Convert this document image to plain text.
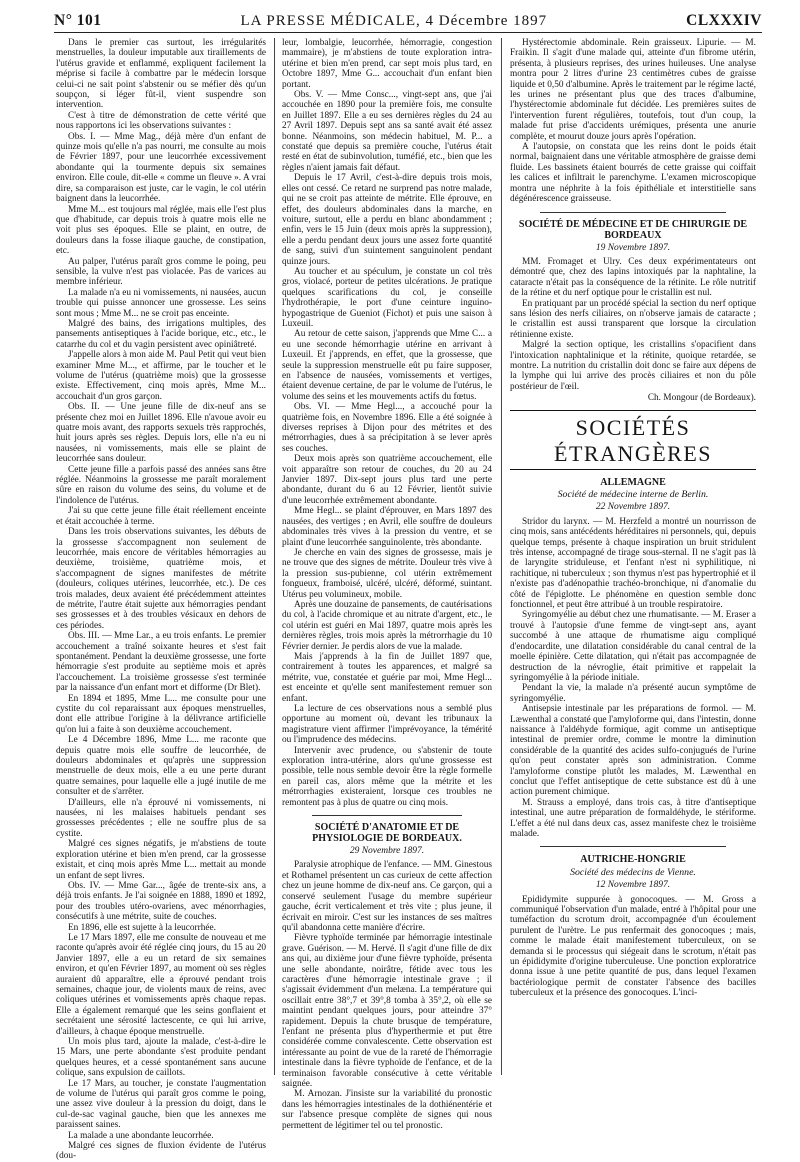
N° 101	LA PRESSE MÉDICALE, 4 Décembre 1897	CLXXXIV

Dans le premier cas surtout, les irrégularités menstruelles, la douleur imputable aux tiraillements de l'utérus gravide et enflammé, expliquent facilement la méprise si facile à combattre par le médecin lorsque celui-ci ne sait point s'abstenir ou se méfier dès qu'un soupçon, si léger fût-il, vient suspendre son intervention.

C'est à titre de démonstration de cette vérité que nous rapportons ici les observations suivantes :

Obs. I. — Mme Mag., déjà mère d'un enfant de quinze mois qu'elle n'a pas nourri, me consulte au mois de Février 1897, pour une leucorrhée excessivement abondante qui la tourmente depuis six semaines environ. Elle coule, dit-elle « comme un fleuve ». A vrai dire, sa comparaison est juste, car le vagin, le col utérin baignent dans la leucorrhée.

Mme M... est toujours mal réglée, mais elle l'est plus que d'habitude, car depuis trois à quatre mois elle ne voit plus ses époques. Elle se plaint, en outre, de douleurs dans la fosse iliaque gauche, de constipation, etc.

Au palper, l'utérus paraît gros comme le poing, peu sensible, la vulve n'est pas violacée. Pas de varices au membre inférieur.

La malade n'a eu ni vomissements, ni nausées, aucun trouble qui puisse annoncer une grossesse. Les seins sont mous ; Mme M... ne se croit pas enceinte.

Malgré des bains, des irrigations multiples, des pansements antiseptiques à l'acide borique, etc., etc., le catarrhe du col et du vagin persistent avec opiniâtreté.

J'appelle alors à mon aide M. Paul Petit qui veut bien examiner Mme M..., et affirme, par le toucher et le volume de l'utérus (quatrième mois) que la grossesse existe. Effectivement, cinq mois après, Mme M... accouchait d'un gros garçon.

Obs. II. — Une jeune fille de dix-neuf ans se présente chez moi en Juillet 1896. Elle n'avoue avoir eu quatre mois avant, des rapports sexuels très rapprochés, huit jours après ses règles. Depuis lors, elle n'a eu ni nausées, ni vomissements, mais elle se plaint de leucorrhée sans douleur.

Cette jeune fille a parfois passé des années sans être réglée. Néanmoins la grossesse me paraît moralement sûre en raison du volume des seins, du volume et de l'indolence de l'utérus.

J'ai su que cette jeune fille était réellement enceinte et était accouchée à terme.

Dans les trois observations suivantes, les débuts de la grossesse s'accompagnent non seulement de leucorrhée, mais encore de véritables hémorragies au deuxième, troisième, quatrième mois, et s'accompagnent de signes manifestes de métrite (douleurs, coliques utérines, leucorrhée, etc.). De ces trois malades, deux avaient été précédemment atteintes de métrite, l'autre était sujette aux hémorragies pendant ses grossesses et à des troubles vésicaux en dehors de ces périodes.

Obs. III. — Mme Lar., a eu trois enfants. Le premier accouchement a traîné soixante heures et s'est fait spontanément. Pendant la deuxième grossesse, une forte hémorragie s'est produite au septième mois et après l'accouchement. La troisième grossesse s'est terminée par la naissance d'un enfant mort et difforme (Dr Blet).

En 1894 et 1895, Mme L... me consulte pour une cystite du col reparaissant aux époques menstruelles, dont elle attribue l'origine à la délivrance artificielle qu'on lui a faite à son deuxième accouchement.

Le 4 Décembre 1896, Mme L... me raconte que depuis quatre mois elle souffre de leucorrhée, de douleurs abdominales et qu'après une suppression menstruelle de deux mois, elle a eu une perte durant quatre semaines, pour laquelle elle a jugé inutile de me consulter et de s'arrêter.

D'ailleurs, elle n'a éprouvé ni vomissements, ni nausées, ni les malaises habituels pendant ses grossesses précédentes ; elle ne souffre plus de sa cystite.

Malgré ces signes négatifs, je m'abstiens de toute exploration utérine et bien m'en prend, car la grossesse existait, et cinq mois après Mme L... mettait au monde un enfant de sept livres.

Obs. IV. — Mme Gar..., âgée de trente-six ans, a déjà trois enfants. Je l'ai soignée en 1888, 1890 et 1892, pour des troubles utéro-ovariens, avec ménorrhagies, consécutifs à une métrite, suite de couches.

En 1896, elle est sujette à la leucorrhée.

Le 17 Mars 1897, elle me consulte de nouveau et me raconte qu'après avoir été réglée cinq jours, du 15 au 20 Janvier 1897, elle a eu un retard de six semaines environ, et qu'en Février 1897, au moment où ses règles auraient dû apparaître, elle a éprouvé pendant trois semaines, chaque jour, de violents maux de reins, avec coliques utérines et vomissements après chaque repas. Elle a également remarqué que les seins gonflaient et secrétaient une sérosité lactescente, ce qui lui arrive, d'ailleurs, à chaque époque menstruelle.

Un mois plus tard, ajoute la malade, c'est-à-dire le 15 Mars, une perte abondante s'est produite pendant quelques heures, et a cessé spontanément sans aucune colique, sans expulsion de caillots.

Le 17 Mars, au toucher, je constate l'augmentation de volume de l'utérus qui paraît gros comme le poing, une assez vive douleur à la pression du doigt, dans le cul-de-sac vaginal gauche, bien que les annexes me paraissent saines.

La malade a une abondante leucorrhée.

Malgré ces signes de fluxion évidente de l'utérus (dou-

leur, lombalgie, leucorrhée, hémorragie, congestion mammaire), je m'abstiens de toute exploration intra-utérine et bien m'en prend, car sept mois plus tard, en Octobre 1897, Mme G... accouchait d'un enfant bien portant.

Obs. V. — Mme Consc..., vingt-sept ans, que j'ai accouchée en 1890 pour la première fois, me consulte en Juillet 1897. Elle a eu ses dernières règles du 24 au 27 Avril 1897. Depuis sept ans sa santé avait été assez bonne. Néanmoins, son médecin habituel, M. P... a constaté que depuis sa première couche, l'utérus était resté en état de subinvolution, tuméfié, etc., bien que les règles n'aient jamais fait défaut.

Depuis le 17 Avril, c'est-à-dire depuis trois mois, elles ont cessé. Ce retard ne surprend pas notre malade, qui ne se croit pas atteinte de métrite. Elle éprouve, en effet, des douleurs abdominales dans la marche, en voiture, surtout, elle a perdu en blanc abondamment ; enfin, vers le 15 Juin (deux mois après la suppression), elle a perdu pendant deux jours une assez forte quantité de sang, suivi d'un suintement sanguinolent pendant quinze jours.

Au toucher et au spéculum, je constate un col très gros, violacé, porteur de petites ulcérations. Je pratique quelques scarifications du col, je conseille l'hydrothérapie, le port d'une ceinture inguino-hypogastrique de Gueniot (Fichot) et puis une saison à Luxeuil.

Au retour de cette saison, j'apprends que Mme C... a eu une seconde hémorrhagie utérine en arrivant à Luxeuil. Et j'apprends, en effet, que la grossesse, que seule la suppression menstruelle eût pu faire supposer, en l'absence de nausées, vomissements et vertiges, étaient devenue certaine, de par le volume de l'utérus, le volume des seins et les mouvements actifs du fœtus.

Obs. VI. — Mme Hegl..., a accouché pour la quatrième fois, en Novembre 1896. Elle a été soignée à diverses reprises à Dijon pour des métrites et des métrorrhagies, dues à sa précipitation à se lever après ses couches.

Deux mois après son quatrième accouchement, elle voit apparaître son retour de couches, du 20 au 24 Janvier 1897. Dix-sept jours plus tard une perte abondante, durant du 6 au 12 Février, lientôt suivie d'une leucorrhée extrêmement abondante.

Mme Hegl... se plaint d'éprouver, en Mars 1897 des nausées, des vertiges ; en Avril, elle souffre de douleurs abdominales très vives à la pression du ventre, et se plaint d'une leucorrhée sanguinolente, très abondante.

Je cherche en vain des signes de grossesse, mais je ne trouve que des signes de métrite. Douleur très vive à la pression sus-pubienne, col utérin extrêmement fongueux, framboisé, ulcéré, ulcéré, déformé, suintant. Utérus peu volumineux, mobile.

Après une douzaine de pansements, de cautérisations du col, à l'acide chromique et au nitrate d'argent, etc., le col utérin est guéri en Mai 1897, quatre mois après les dernières règles, trois mois après la métrorrhagie du 10 Février dernier. Je perdis alors de vue la malade.

Mais j'apprends à la fin de Juillet 1897 que, contrairement à toutes les apparences, et malgré sa métrite, vue, constatée et guérie par moi, Mme Hegl... est enceinte et qu'elle sent manifestement remuer son enfant.

La lecture de ces observations nous a semblé plus opportune au moment où, devant les tribunaux la magistrature vient affirmer l'imprévoyance, la témérité ou l'imprudence des médecins.

Intervenir avec prudence, ou s'abstenir de toute exploration intra-utérine, alors qu'une grossesse est possible, telle nous semble devoir être la règle formelle en pareil cas, alors même que la métrite et les métrorrhagies existeraient, lorsque ces troubles ne remontent pas à plus de quatre ou cinq mois.

SOCIÉTÉ D'ANATOMIE ET DE PHYSIOLOGIE DE BORDEAUX.

29 Novembre 1897.

Paralysie atrophique de l'enfance. — MM. Ginestous et Rothamel présentent un cas curieux de cette affection chez un jeune homme de dix-neuf ans. Ce garçon, qui a conservé seulement l'usage du membre supérieur gauche, écrit verticalement et très vite ; plus jeune, il écrivait en miroir. C'est sur les instances de ses maîtres qu'il abandonna cette manière d'écrire.

Fièvre typhoïde terminée par hémorragie intestinale grave. Guérison. — M. Hervé. Il s'agit d'une fille de dix ans qui, au dixième jour d'une fièvre typhoïde, présenta une selle abondante, noirâtre, fétide avec tous les caractères d'une hémorragie intestinale grave ; il s'agissait évidemment d'un melæna. La température qui oscillait entre 38°,7 et 39°,8 tomba à 35°,2, où elle se maintint pendant quelques jours, pour atteindre 37° rapidement. Depuis la chute brusque de température, l'enfant ne présenta plus d'hyperthermie et put être considérée comme convalescente. Cette observation est intéressante au point de vue de la rareté de l'hémorragie intestinale dans la fièvre typhoïde de l'enfance, et de la terminaison favorable consécutive à cette véritable saignée.

M. Arnozan. J'insiste sur la variabilité du pronostic dans les hémorragies intestinales de la dothiénentérie et sur l'absence presque complète de signes qui nous permettent de légitimer tel ou tel pronostic.

Hystérectomie abdominale. Rein graisseux. Lipurie. — M. Fraikin. Il s'agit d'une malade qui, atteinte d'un fibrome utérin, présenta, à plusieurs reprises, des urines huileuses. Une analyse montra pour 2 litres d'urine 23 centimètres cubes de graisse liquide et 0,50 d'albumine. Après le traitement par le régime lacté, les urines ne présentant plus que des traces d'albumine, l'hystérectomie abdominale fut décidée. Les premières suites de l'intervention furent régulières, toutefois, tout d'un coup, la malade fut prise d'accidents urémiques, présenta une anurie complète, et mourut douze jours après l'opération.

A l'autopsie, on constata que les reins dont le poids était normal, baignaient dans une véritable atmosphère de graisse demi fluide. Les bassinets étaient bourrés de cette graisse qui coiffait les calices et infiltrait le parenchyme. L'examen microscopique montra une néphrite à la fois épithéliale et interstitielle sans dégénérescence graisseuse.

SOCIÉTÉ DE MÉDECINE ET DE CHIRURGIE DE BORDEAUX

19 Novembre 1897.

MM. Fromaget et Ulry. Ces deux expérimentateurs ont démontré que, chez des lapins intoxiqués par la naphtaline, la cataracte n'était pas la conséquence de la rétinite. Le rôle nutritif de la rétine et du nerf optique pour le cristallin est nul.

En pratiquant par un procédé spécial la section du nerf optique sans lésion des nerfs ciliaires, on n'observe jamais de cataracte ; le cristallin est aussi transparent que lorsque la circulation rétinienne existe.

Malgré la section optique, les cristallins s'opacifient dans l'intoxication naphtalinique et la rétinite, quoique retardée, se montre. La nutrition du cristallin doit donc se faire aux dépens de la lymphe qui lui arrive des procès ciliaires et non du pôle postérieur de l'œil.

Ch. Mongour (de Bordeaux).

SOCIÉTÉS ÉTRANGÈRES

ALLEMAGNE

Société de médecine interne de Berlin.

22 Novembre 1897.

Stridor du larynx. — M. Herzfeld a montré un nourrisson de cinq mois, sans antécédents héréditaires ni personnels, qui, depuis quelque temps, présente à chaque inspiration un bruit stridulent très intense, accompagné de tirage sous-sternal. Il ne s'agit pas là de laryngite striduleuse, et l'enfant n'est ni syphilitique, ni rachitique, ni tuberculeux ; son thymus n'est pas hypertrophié et il n'existe pas d'adénopathie trachéo-bronchique, ni d'anomalie du côté de l'épiglotte. Le phénomène en question semble donc fonctionnel, et peut être attribué à un trouble respiratoire.

Syringomyélie au début chez une rhumatisante. — M. Eraser a trouvé à l'autopsie d'une femme de vingt-sept ans, ayant succombé à une attaque de rhumatisme aigu compliqué d'endocardite, une dilatation considérable du canal central de la moelle épinière. Cette dilatation, qui n'était pas accompagnée de destruction de la névroglie, était primitive et rappelait la syringomyélie à la période initiale.

Pendant la vie, la malade n'a présenté aucun symptôme de syringomyélie.

Antisepsie intestinale par les préparations de formol. — M. Læwenthal a constaté que l'amyloforme qui, dans l'intestin, donne naissance à l'aldéhyde formique, agit comme un antiseptique intestinal de premier ordre, comme le montre la diminution considérable de la quantité des acides sulfo-conjugués de l'urine qu'on peut constater après son administration. Comme l'amyloforme constipe plutôt les malades, M. Læwenthal en conclut que l'effet antiseptique de cette substance est dû à une action purement chimique.

M. Strauss a employé, dans trois cas, à titre d'antiseptique intestinal, une autre préparation de formaldéhyde, le stériforme. L'effet a été nul dans deux cas, assez manifeste chez le troisième malade.

AUTRICHE-HONGRIE

Société des médecins de Vienne.

12 Novembre 1897.

Epididymite suppurée à gonocoques. — M. Gross a communiqué l'observation d'un malade, entré à l'hôpital pour une tuméfaction du scrotum droit, accompagnée d'un écoulement purulent de l'urètre. Le pus renfermait des gonocoques ; mais, comme le malade était manifestement tuberculeux, on se demanda si le processus qui siégeait dans le scrotum, n'était pas un épididymite d'origine tuberculeuse. Une ponction exploratrice donna issue à une petite quantité de pus, dans lequel l'examen bactériologique permit de constater l'absence des bacilles tuberculeux et la présence des gonocoques. L'inci-
